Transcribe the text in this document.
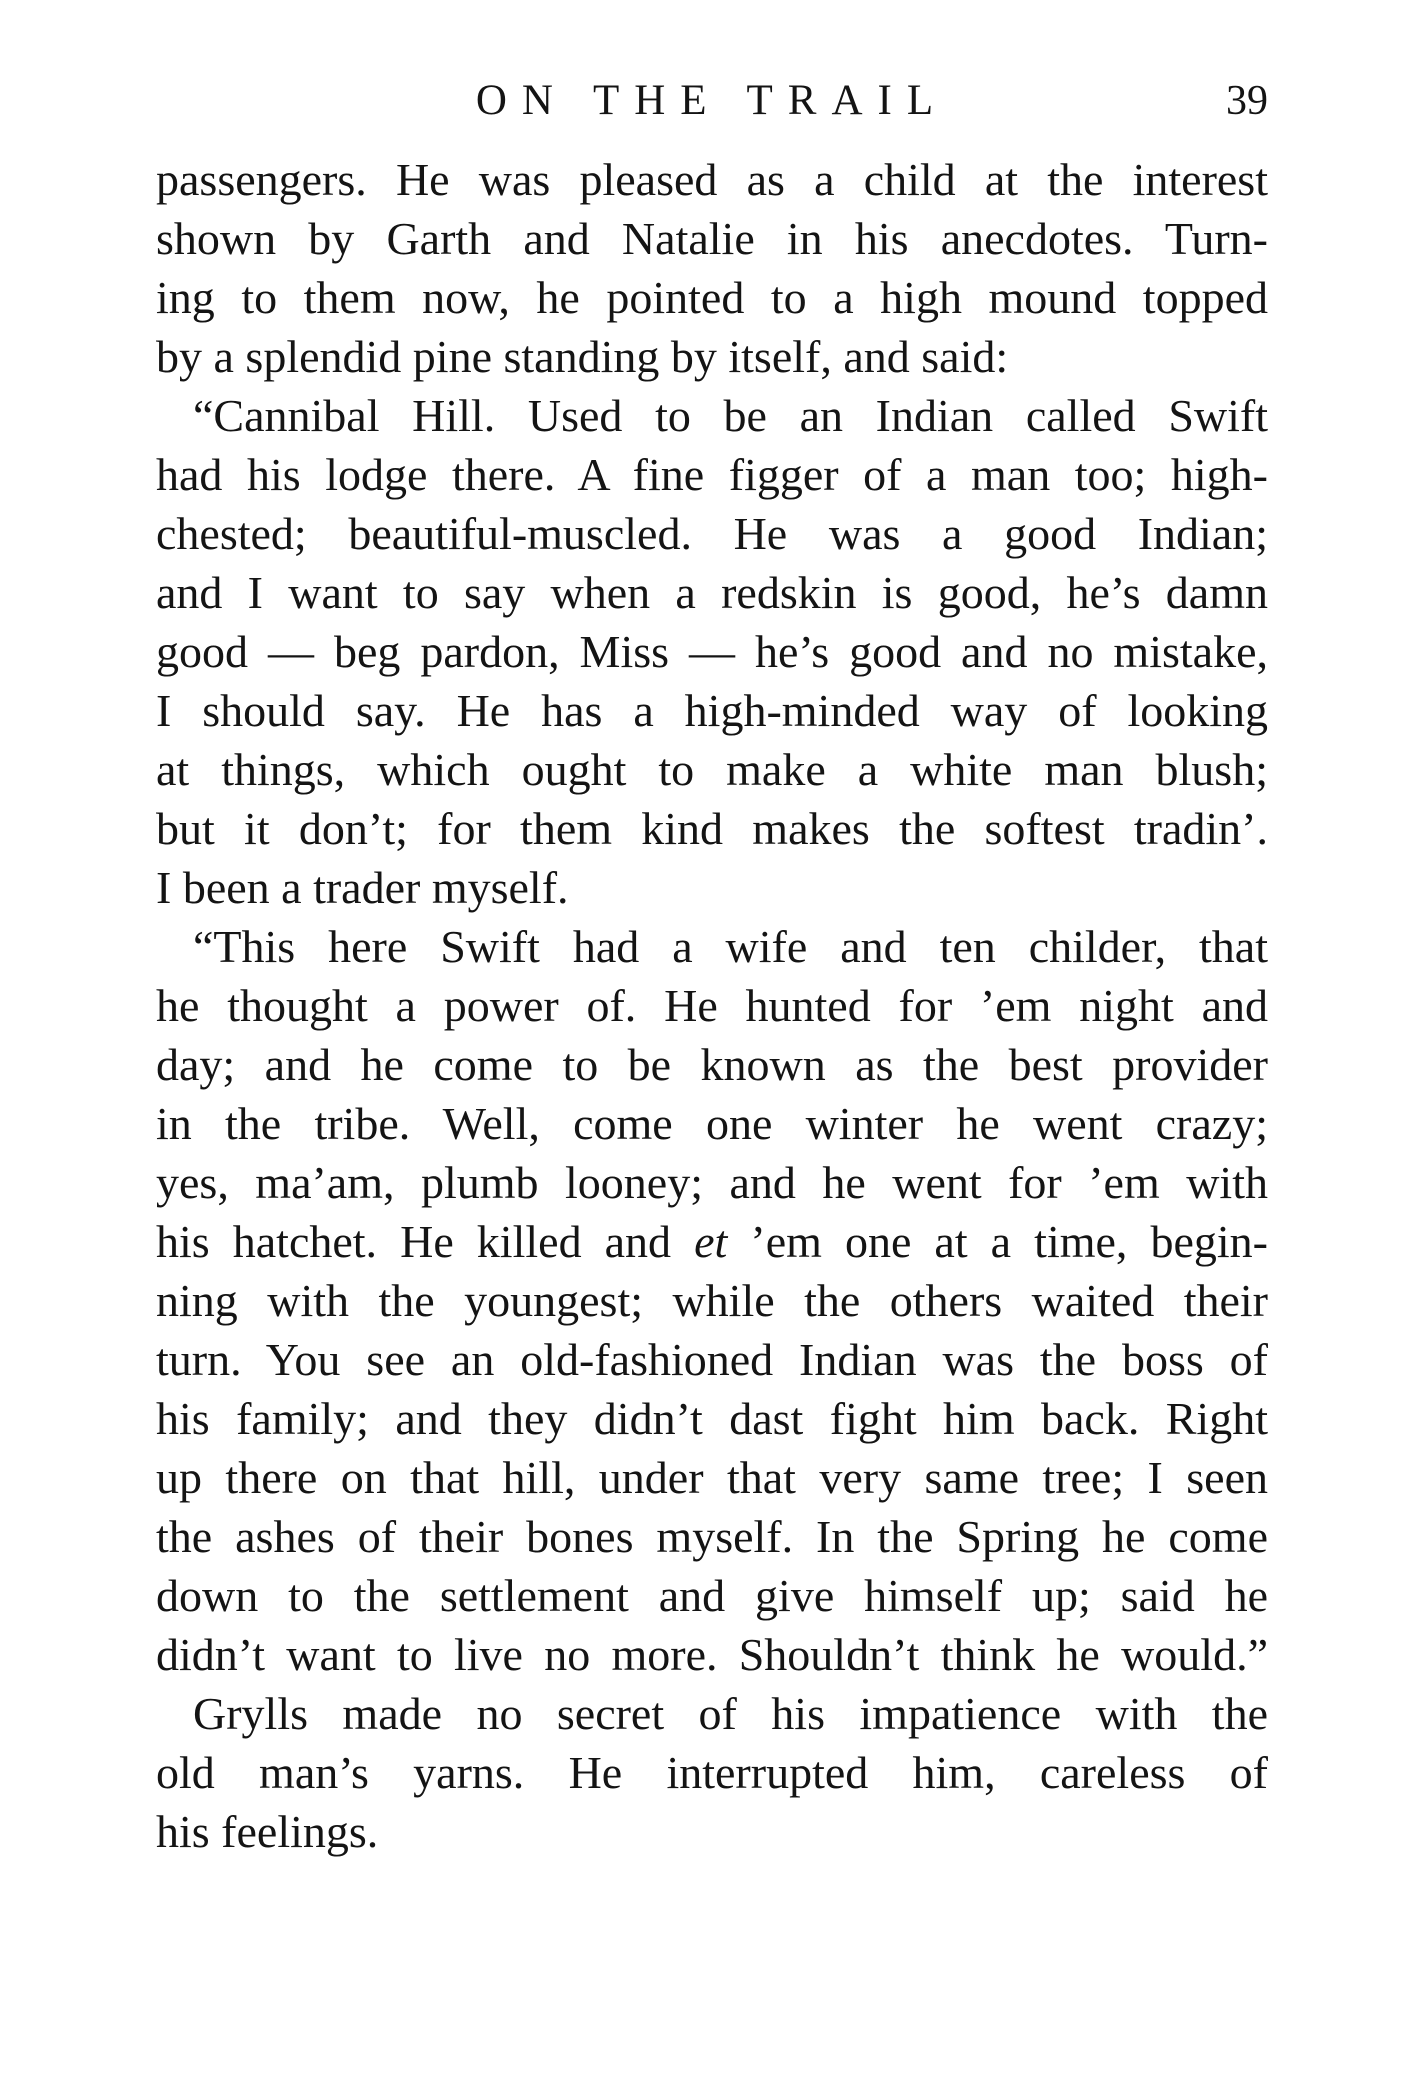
ON THE TRAIL	39
passengers. He was pleased as a child at the interest
shown by Garth and Natalie in his anecdotes. Turn-
ing to them now, he pointed to a high mound topped
by a splendid pine standing by itself, and said:
“Cannibal Hill. Used to be an Indian called Swift
had his lodge there. A fine figger of a man too; high-
chested; beautiful-muscled. He was a good Indian;
and I want to say when a redskin is good, he’s damn
good — beg pardon, Miss — he’s good and no mistake,
I should say. He has a high-minded way of looking
at things, which ought to make a white man blush;
but it don’t; for them kind makes the softest tradin’.
I been a trader myself.
“This here Swift had a wife and ten childer, that
he thought a power of. He hunted for ’em night and
day; and he come to be known as the best provider
in the tribe. Well, come one winter he went crazy;
yes, ma’am, plumb looney; and he went for ’em with
his hatchet. He killed and et ’em one at a time, begin-
ning with the youngest; while the others waited their
turn. You see an old-fashioned Indian was the boss of
his family; and they didn’t dast fight him back. Right
up there on that hill, under that very same tree; I seen
the ashes of their bones myself. In the Spring he come
down to the settlement and give himself up; said he
didn’t want to live no more. Shouldn’t think he would.”
Grylls made no secret of his impatience with the
old man’s yarns. He interrupted him, careless of
his feelings.
